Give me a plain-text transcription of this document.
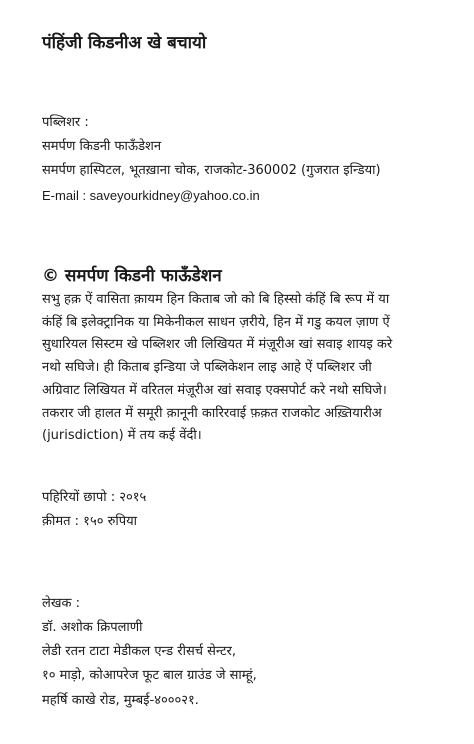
पंहिंजी किडनीअ खे बचायो
पब्लिशर :
समर्पण किडनी फाऊँडेशन
समर्पण हास्पिटल, भूतख़ाना चोक, राजकोट-360002 (गुजरात इन्डिया)
E-mail : saveyourkidney@yahoo.co.in
© समर्पण किडनी फाऊँडेशन
सभु हक़ ऐं वासिता क़ायम हिन किताब जो को बि हिस्सो कंहिं बि रूप में या
कंहिं बि इलेक्ट्रानिक या मिकेनीकल साधन ज़रीये, हिन में गडु कयल ज़ाण ऐं
सुधारियल सिस्टम खे पब्लिशर जी लिखियत में मंज़ूरीअ खां सवाइ शायइ करे
नथो सघिजे। ही किताब इन्डिया जे पब्लिकेशन लाइ आहे ऐं पब्लिशर जी
अग्रिवाट लिखियत में वरितल मंज़ूरीअ खां सवाइ एक्सपोर्ट करे नथो सघिजे।
तकरार जी हालत में समूरी क़ानूनी कारिरवाई फ़क़त राजकोट अख़्तियारीअ
(jurisdiction) में तय कई वेंदी।
पहिरियों छापो : २०१५
क़ीमत : १५० रुपिया
लेखक :
डॉ. अशोक क्रिपलाणी
लेडी रतन टाटा मेडीकल एन्ड रीसर्च सेन्टर,
१० माड़ो, कोआपरेज फूट बाल ग्राउंड जे साम्हूं,
महर्षि काखे रोड, मुम्बई-४०००२१.
